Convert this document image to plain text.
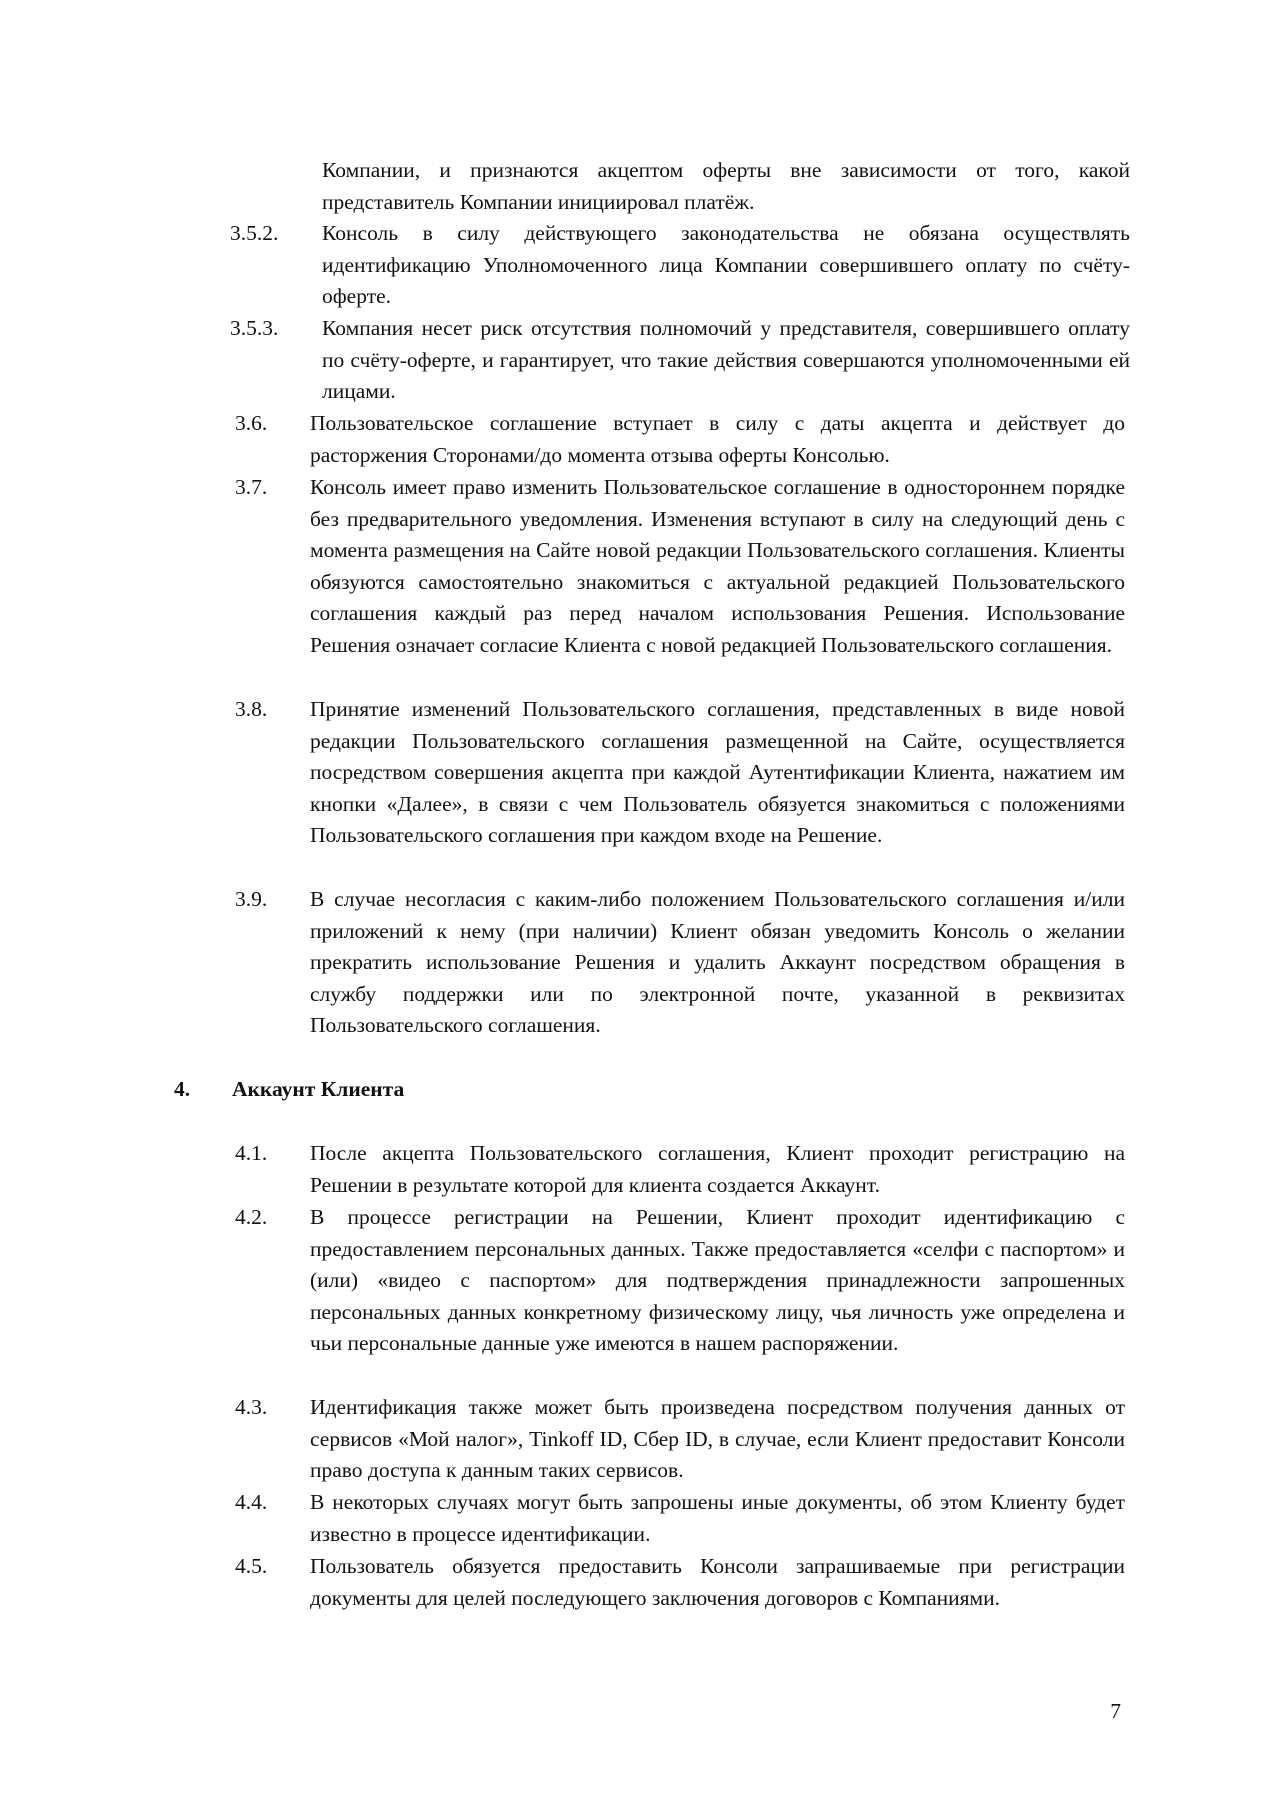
Компании, и признаются акцептом оферты вне зависимости от того, какой представитель Компании инициировал платёж.
3.5.2. Консоль в силу действующего законодательства не обязана осуществлять идентификацию Уполномоченного лица Компании совершившего оплату по счёту-оферте.
3.5.3. Компания несет риск отсутствия полномочий у представителя, совершившего оплату по счёту-оферте, и гарантирует, что такие действия совершаются уполномоченными ей лицами.
3.6. Пользовательское соглашение вступает в силу с даты акцепта и действует до расторжения Сторонами/до момента отзыва оферты Консолью.
3.7. Консоль имеет право изменить Пользовательское соглашение в одностороннем порядке без предварительного уведомления. Изменения вступают в силу на следующий день с момента размещения на Сайте новой редакции Пользовательского соглашения. Клиенты обязуются самостоятельно знакомиться с актуальной редакцией Пользовательского соглашения каждый раз перед началом использования Решения. Использование Решения означает согласие Клиента с новой редакцией Пользовательского соглашения.
3.8. Принятие изменений Пользовательского соглашения, представленных в виде новой редакции Пользовательского соглашения размещенной на Сайте, осуществляется посредством совершения акцепта при каждой Аутентификации Клиента, нажатием им кнопки «Далее», в связи с чем Пользователь обязуется знакомиться с положениями Пользовательского соглашения при каждом входе на Решение.
3.9. В случае несогласия с каким-либо положением Пользовательского соглашения и/или приложений к нему (при наличии) Клиент обязан уведомить Консоль о желании прекратить использование Решения и удалить Аккаунт посредством обращения в службу поддержки или по электронной почте, указанной в реквизитах Пользовательского соглашения.
4. Аккаунт Клиента
4.1. После акцепта Пользовательского соглашения, Клиент проходит регистрацию на Решении в результате которой для клиента создается Аккаунт.
4.2. В процессе регистрации на Решении, Клиент проходит идентификацию с предоставлением персональных данных. Также предоставляется «селфи с паспортом» и (или) «видео с паспортом» для подтверждения принадлежности запрошенных персональных данных конкретному физическому лицу, чья личность уже определена и чьи персональные данные уже имеются в нашем распоряжении.
4.3. Идентификация также может быть произведена посредством получения данных от сервисов «Мой налог», Tinkoff ID, Сбер ID, в случае, если Клиент предоставит Консоли право доступа к данным таких сервисов.
4.4. В некоторых случаях могут быть запрошены иные документы, об этом Клиенту будет известно в процессе идентификации.
4.5. Пользователь обязуется предоставить Консоли запрашиваемые при регистрации документы для целей последующего заключения договоров с Компаниями.
7
